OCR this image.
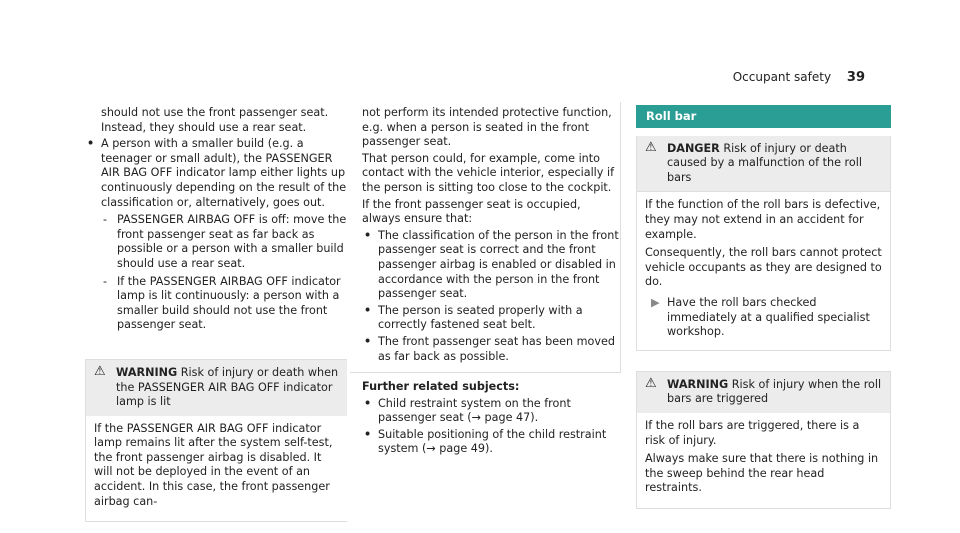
Occupant safety 39

should not use the front passenger seat. Instead, they should use a rear seat.

• A person with a smaller build (e.g. a teenager or small adult), the PASSENGER AIR BAG OFF indicator lamp either lights up continuously depending on the result of the classification or, alternatively, goes out.
- PASSENGER AIRBAG OFF is off: move the front passenger seat as far back as possible or a person with a smaller build should use a rear seat.
- If the PASSENGER AIRBAG OFF indicator lamp is lit continuously: a person with a smaller build should not use the front passenger seat.
⚠ WARNING Risk of injury or death when the PASSENGER AIR BAG OFF indicator lamp is lit

If the PASSENGER AIR BAG OFF indicator lamp remains lit after the system self-test, the front passenger airbag is disabled. It will not be deployed in the event of an accident. In this case, the front passenger airbag can-

not perform its intended protective function, e.g. when a person is seated in the front passenger seat.

That person could, for example, come into contact with the vehicle interior, especially if the person is sitting too close to the cockpit.

If the front passenger seat is occupied, always ensure that:

• The classification of the person in the front passenger seat is correct and the front passenger airbag is enabled or disabled in accordance with the person in the front passenger seat.
• The person is seated properly with a correctly fastened seat belt.
• The front passenger seat has been moved as far back as possible.

Further related subjects:

• Child restraint system on the front passenger seat (→ page 47).
• Suitable positioning of the child restraint system (→ page 49).
Roll bar
⚠ DANGER Risk of injury or death caused by a malfunction of the roll bars

If the function of the roll bars is defective, they may not extend in an accident for example.

Consequently, the roll bars cannot protect vehicle occupants as they are designed to do.

▶ Have the roll bars checked immediately at a qualified specialist workshop.
⚠ WARNING Risk of injury when the roll bars are triggered

If the roll bars are triggered, there is a risk of injury.

Always make sure that there is nothing in the sweep behind the rear head restraints.
